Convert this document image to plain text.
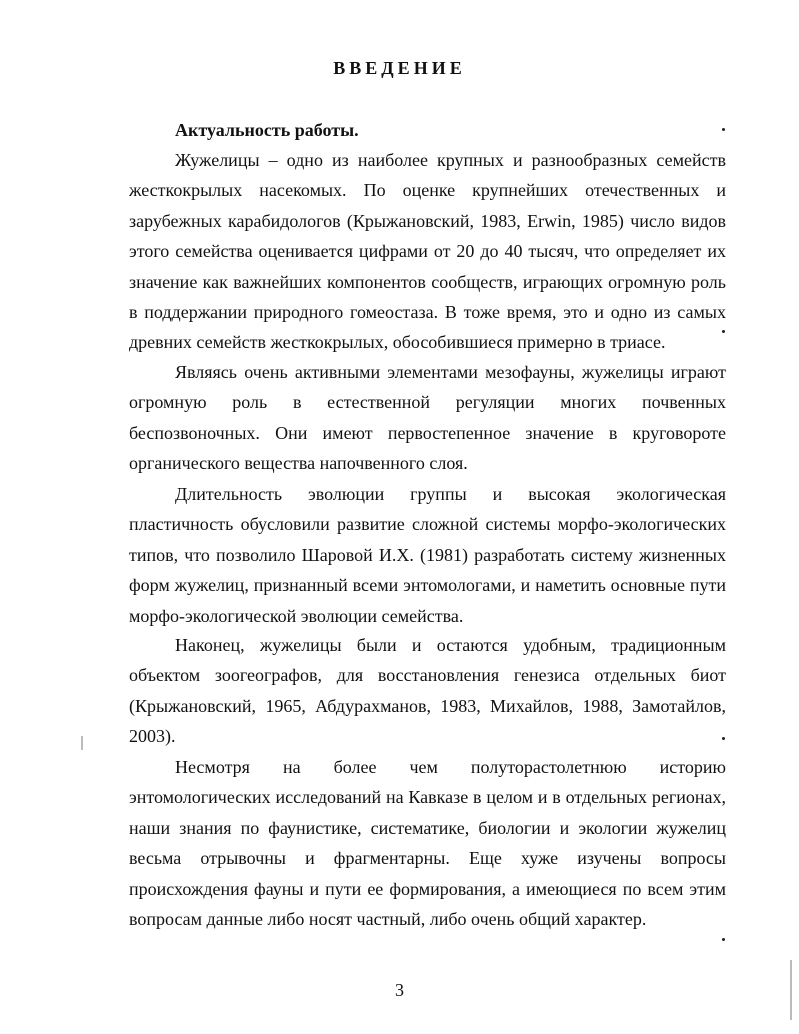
ВВЕДЕНИЕ
Актуальность работы.

Жужелицы – одно из наиболее крупных и разнообразных семейств жесткокрылых насекомых. По оценке крупнейших отечественных и зарубежных карабидологов (Крыжановский, 1983, Erwin, 1985) число видов этого семейства оценивается цифрами от 20 до 40 тысяч, что определяет их значение как важнейших компонентов сообществ, играющих огромную роль в поддержании природного гомеостаза. В тоже время, это и одно из самых древних семейств жесткокрылых, обособившиеся примерно в триасе.

Являясь очень активными элементами мезофауны, жужелицы играют огромную роль в естественной регуляции многих почвенных беспозвоночных. Они имеют первостепенное значение в круговороте органического вещества напочвенного слоя.

Длительность эволюции группы и высокая экологическая пластичность обусловили развитие сложной системы морфо-экологических типов, что позволило Шаровой И.Х. (1981) разработать систему жизненных форм жужелиц, признанный всеми энтомологами, и наметить основные пути морфо-экологической эволюции семейства.

Наконец, жужелицы были и остаются удобным, традиционным объектом зоогеографов, для восстановления генезиса отдельных биот (Крыжановский, 1965, Абдурахманов, 1983, Михайлов, 1988, Замотайлов, 2003).

Несмотря на более чем полуторастолетнюю историю энтомологических исследований на Кавказе в целом и в отдельных регионах, наши знания по фаунистике, систематике, биологии и экологии жужелиц весьма отрывочны и фрагментарны. Еще хуже изучены вопросы происхождения фауны и пути ее формирования, а имеющиеся по всем этим вопросам данные либо носят частный, либо очень общий характер.

3
